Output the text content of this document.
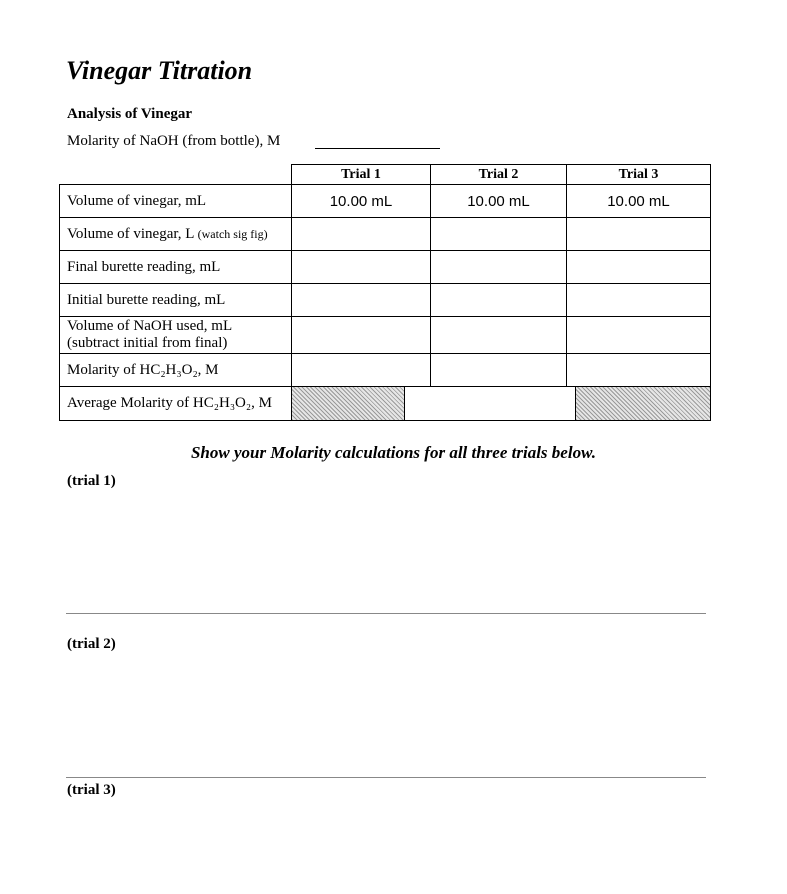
Vinegar Titration
Analysis of Vinegar
Molarity of NaOH (from bottle), M
	Trial 1	Trial 2	Trial 3
Volume of vinegar, mL	10.00 mL	10.00 mL	10.00 mL
Volume of vinegar, L (watch sig fig)			
Final burette reading, mL			
Initial burette reading, mL			
Volume of NaOH used, mL
(subtract initial from final)			
Molarity of HC₂H₃O₂, M			
Average Molarity of HC₂H₃O₂, M			
Show your Molarity calculations for all three trials below.
(trial 1)
(trial 2)
(trial 3)
